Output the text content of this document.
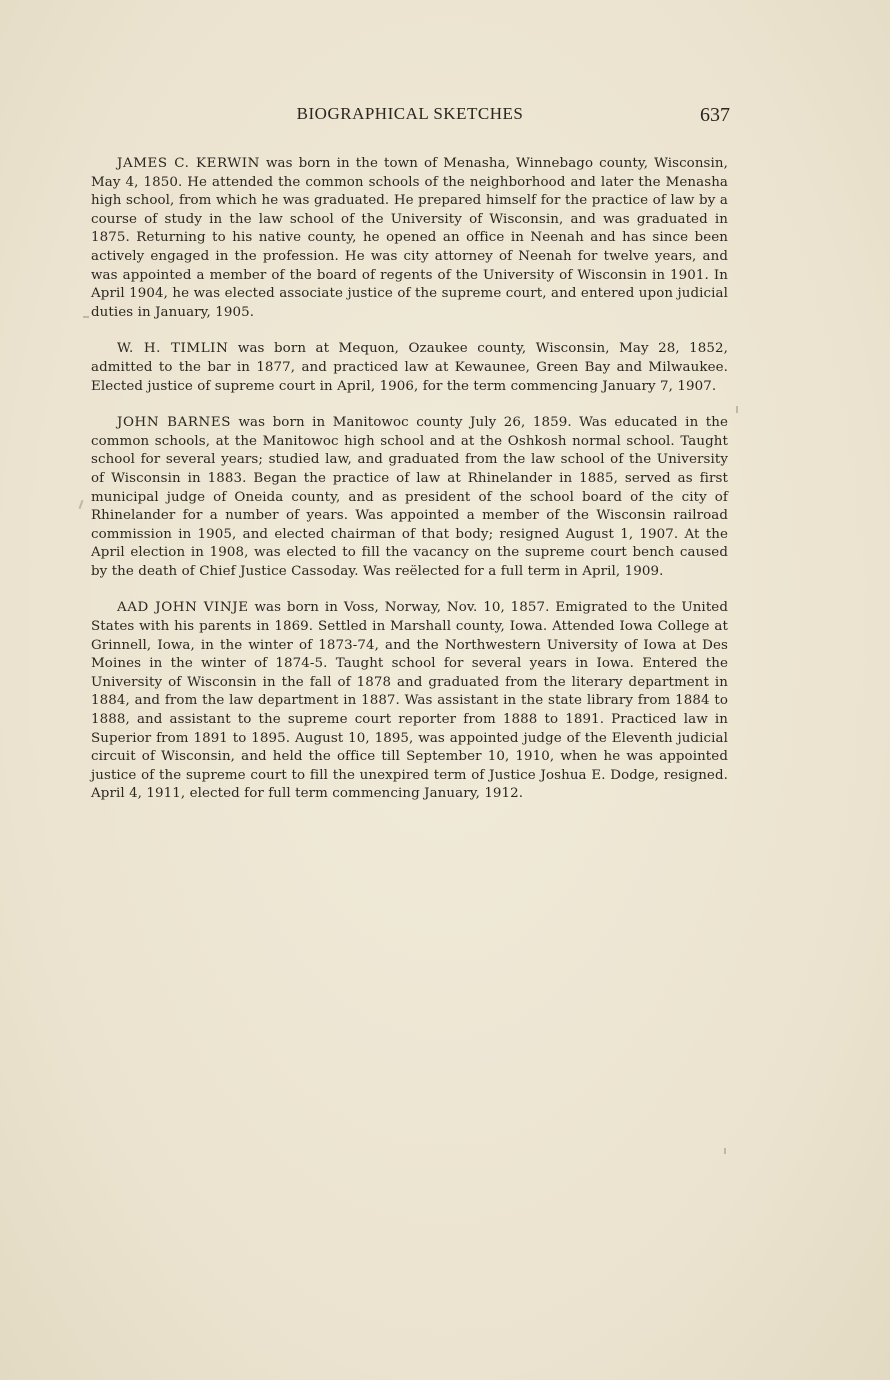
BIOGRAPHICAL SKETCHES	637

JAMES C. KERWIN was born in the town of Menasha, Winnebago county, Wisconsin, May 4, 1850. He attended the common schools of the neighborhood and later the Menasha high school, from which he was graduated. He prepared himself for the practice of law by a course of study in the law school of the University of Wisconsin, and was graduated in 1875. Returning to his native county, he opened an office in Neenah and has since been actively engaged in the profession. He was city attorney of Neenah for twelve years, and was appointed a member of the board of regents of the University of Wisconsin in 1901. In April 1904, he was elected associate justice of the supreme court, and entered upon judicial duties in January, 1905.

W. H. TIMLIN was born at Mequon, Ozaukee county, Wisconsin, May 28, 1852, admitted to the bar in 1877, and practiced law at Kewaunee, Green Bay and Milwaukee. Elected justice of supreme court in April, 1906, for the term commencing January 7, 1907.

JOHN BARNES was born in Manitowoc county July 26, 1859. Was educated in the common schools, at the Manitowoc high school and at the Oshkosh normal school. Taught school for several years; studied law, and graduated from the law school of the University of Wisconsin in 1883. Began the practice of law at Rhinelander in 1885, served as first municipal judge of Oneida county, and as president of the school board of the city of Rhinelander for a number of years. Was appointed a member of the Wisconsin railroad commission in 1905, and elected chairman of that body; resigned August 1, 1907. At the April election in 1908, was elected to fill the vacancy on the supreme court bench caused by the death of Chief Justice Cassoday. Was reëlected for a full term in April, 1909.

AAD JOHN VINJE was born in Voss, Norway, Nov. 10, 1857. Emigrated to the United States with his parents in 1869. Settled in Marshall county, Iowa. Attended Iowa College at Grinnell, Iowa, in the winter of 1873-74, and the Northwestern University of Iowa at Des Moines in the winter of 1874-5. Taught school for several years in Iowa. Entered the University of Wisconsin in the fall of 1878 and graduated from the literary department in 1884, and from the law department in 1887. Was assistant in the state library from 1884 to 1888, and assistant to the supreme court reporter from 1888 to 1891. Practiced law in Superior from 1891 to 1895. August 10, 1895, was appointed judge of the Eleventh judicial circuit of Wisconsin, and held the office till September 10, 1910, when he was appointed justice of the supreme court to fill the unexpired term of Justice Joshua E. Dodge, resigned. April 4, 1911, elected for full term commencing January, 1912.
